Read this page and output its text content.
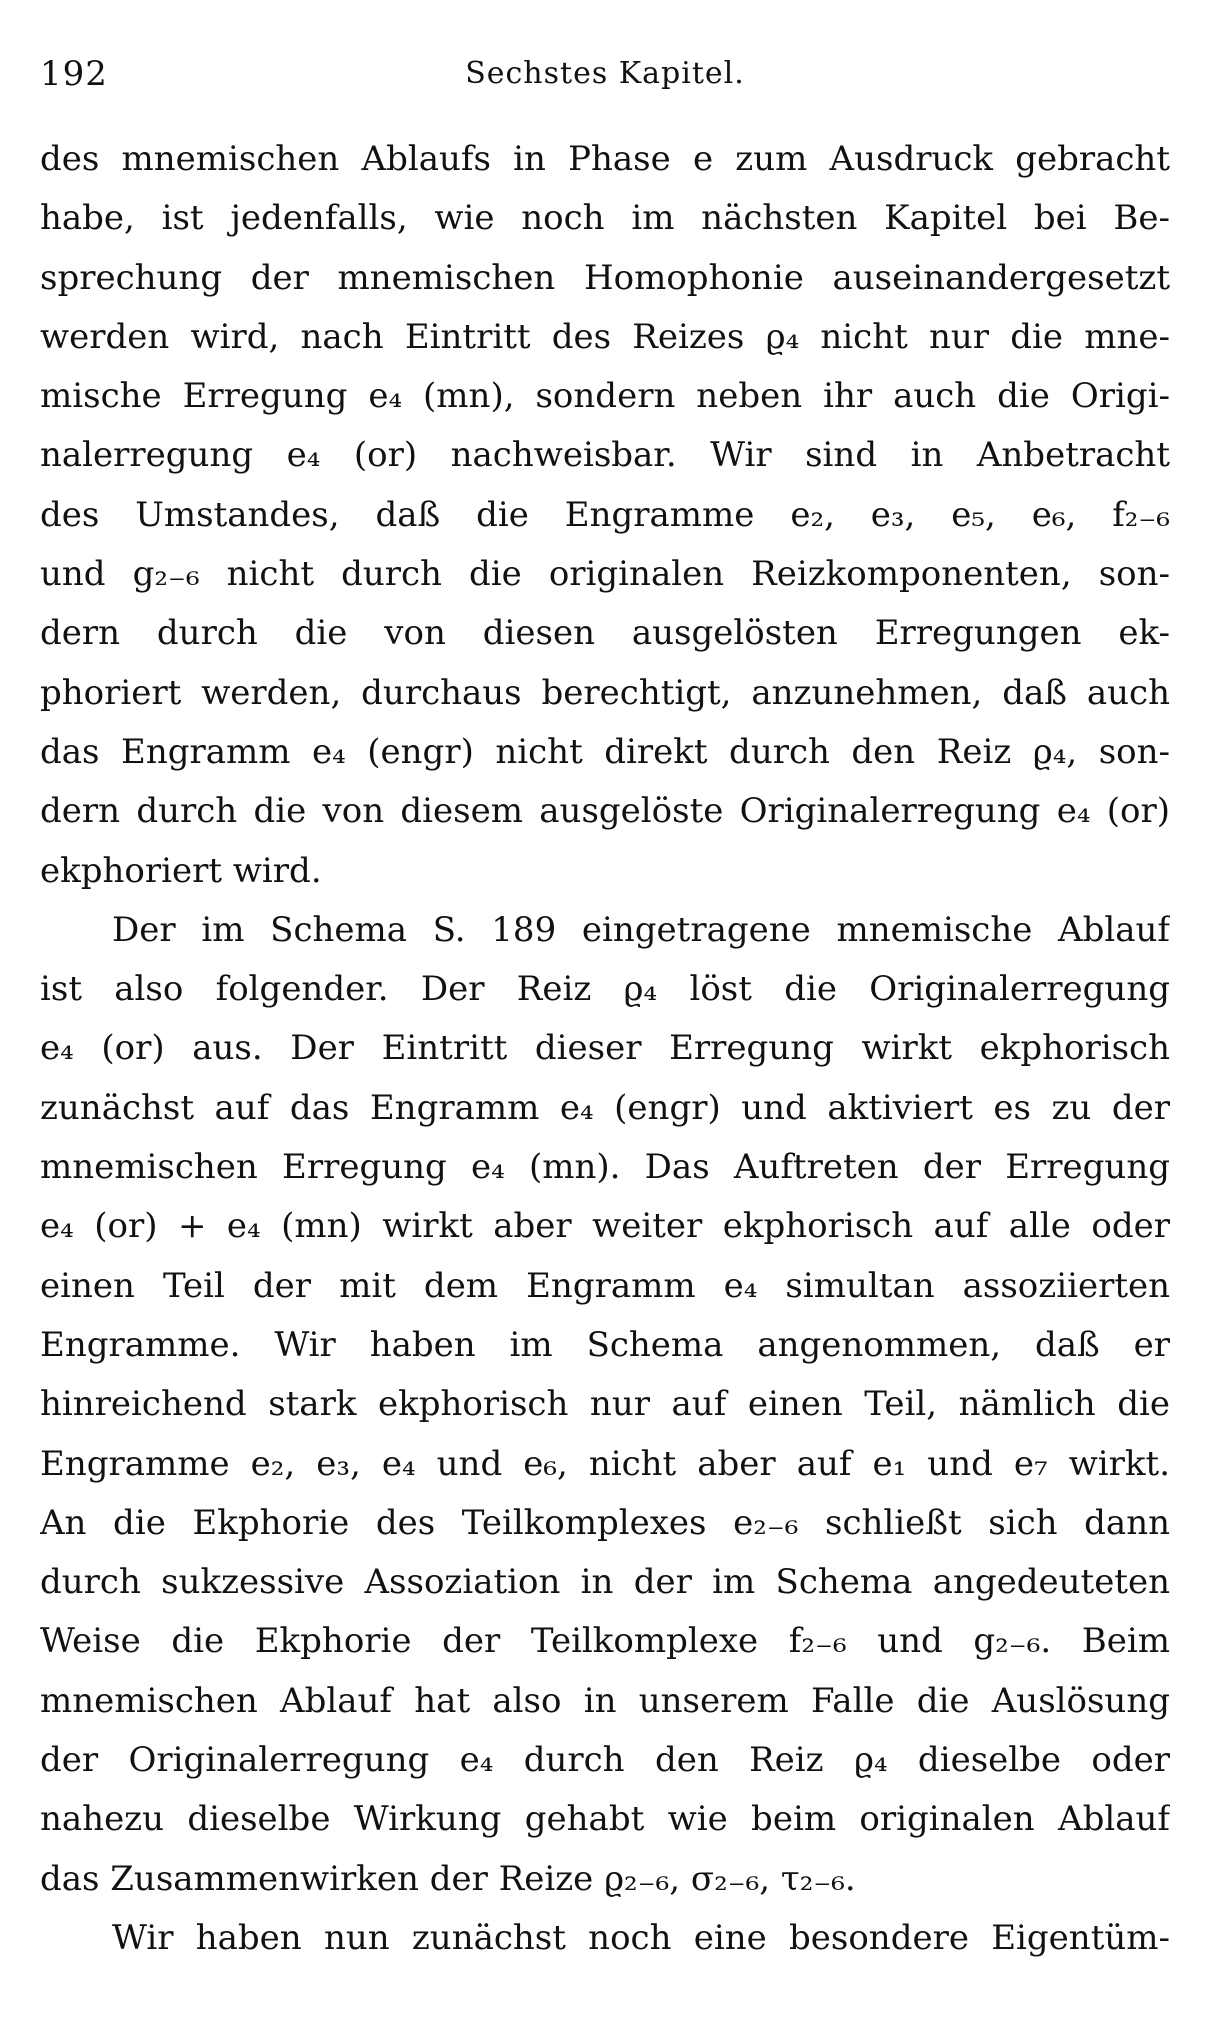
192	Sechstes Kapitel.
des mnemischen Ablaufs in Phase e zum Ausdruck gebracht
habe, ist jedenfalls, wie noch im nächsten Kapitel bei Be-
sprechung der mnemischen Homophonie auseinandergesetzt
werden wird, nach Eintritt des Reizes ϱ₄ nicht nur die mne-
mische Erregung e₄ (mn), sondern neben ihr auch die Origi-
nalerregung e₄ (or) nachweisbar. Wir sind in Anbetracht
des Umstandes, daß die Engramme e₂, e₃, e₅, e₆, f₂₋₆
und g₂₋₆ nicht durch die originalen Reizkomponenten, son-
dern durch die von diesen ausgelösten Erregungen ek-
phoriert werden, durchaus berechtigt, anzunehmen, daß auch
das Engramm e₄ (engr) nicht direkt durch den Reiz ϱ₄, son-
dern durch die von diesem ausgelöste Originalerregung e₄ (or)
ekphoriert wird.
Der im Schema S. 189 eingetragene mnemische Ablauf
ist also folgender. Der Reiz ϱ₄ löst die Originalerregung
e₄ (or) aus. Der Eintritt dieser Erregung wirkt ekphorisch
zunächst auf das Engramm e₄ (engr) und aktiviert es zu der
mnemischen Erregung e₄ (mn). Das Auftreten der Erregung
e₄ (or) + e₄ (mn) wirkt aber weiter ekphorisch auf alle oder
einen Teil der mit dem Engramm e₄ simultan assoziierten
Engramme. Wir haben im Schema angenommen, daß er
hinreichend stark ekphorisch nur auf einen Teil, nämlich die
Engramme e₂, e₃, e₄ und e₆, nicht aber auf e₁ und e₇ wirkt.
An die Ekphorie des Teilkomplexes e₂₋₆ schließt sich dann
durch sukzessive Assoziation in der im Schema angedeuteten
Weise die Ekphorie der Teilkomplexe f₂₋₆ und g₂₋₆. Beim
mnemischen Ablauf hat also in unserem Falle die Auslösung
der Originalerregung e₄ durch den Reiz ϱ₄ dieselbe oder
nahezu dieselbe Wirkung gehabt wie beim originalen Ablauf
das Zusammenwirken der Reize ϱ₂₋₆, σ₂₋₆, τ₂₋₆.
Wir haben nun zunächst noch eine besondere Eigentüm-
